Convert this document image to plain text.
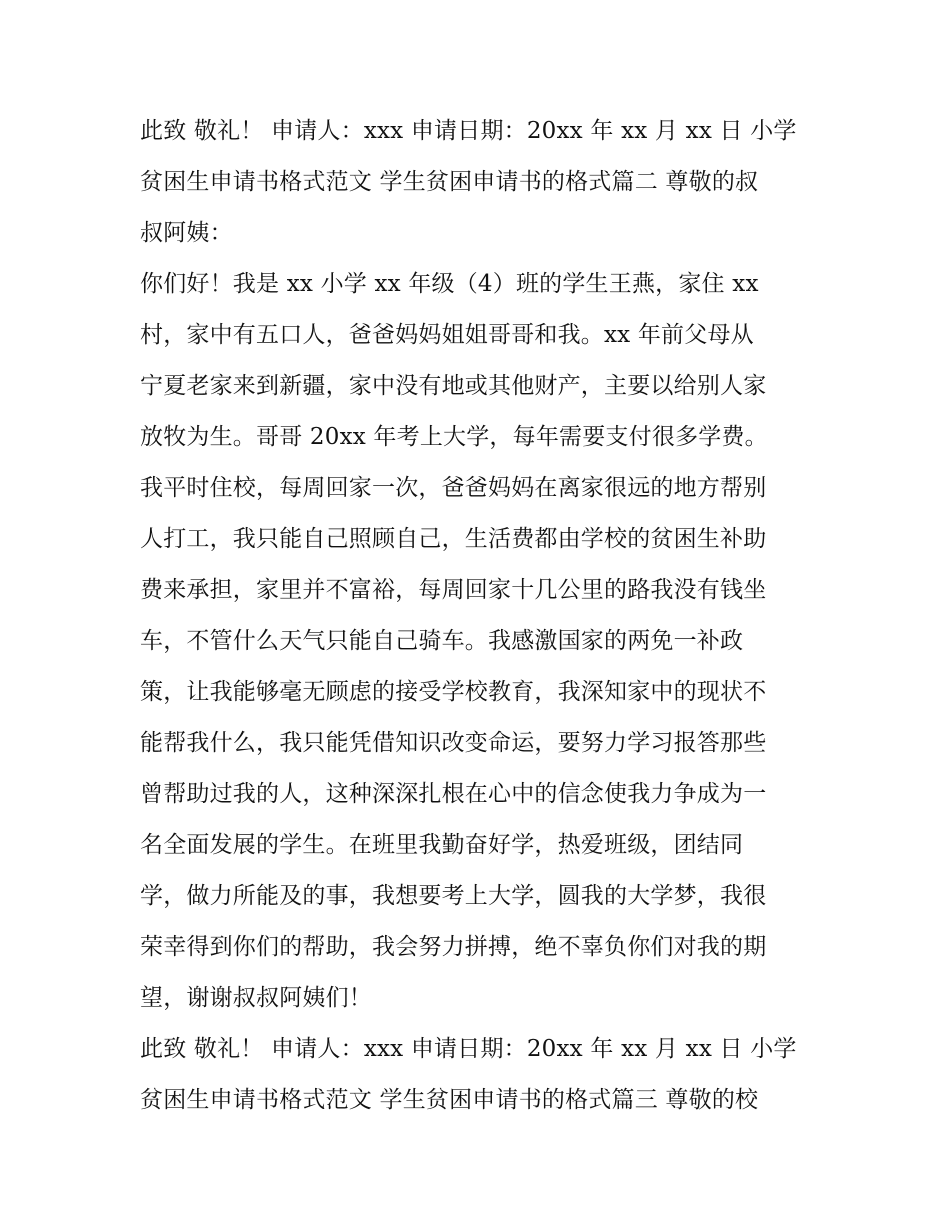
此致 敬礼！ 申请人：xxx 申请日期：20xx 年 xx 月 xx 日 小学
贫困生申请书格式范文 学生贫困申请书的格式篇二 尊敬的叔
叔阿姨：

你们好！我是 xx 小学 xx 年级（4）班的学生王燕，家住 xx
村，家中有五口人，爸爸妈妈姐姐哥哥和我。xx 年前父母从
宁夏老家来到新疆，家中没有地或其他财产，主要以给别人家
放牧为生。哥哥 20xx 年考上大学，每年需要支付很多学费。
我平时住校，每周回家一次，爸爸妈妈在离家很远的地方帮别
人打工，我只能自己照顾自己，生活费都由学校的贫困生补助
费来承担，家里并不富裕，每周回家十几公里的路我没有钱坐
车，不管什么天气只能自己骑车。我感激国家的两免一补政
策，让我能够毫无顾虑的接受学校教育，我深知家中的现状不
能帮我什么，我只能凭借知识改变命运，要努力学习报答那些
曾帮助过我的人，这种深深扎根在心中的信念使我力争成为一
名全面发展的学生。在班里我勤奋好学，热爱班级，团结同
学，做力所能及的事，我想要考上大学，圆我的大学梦，我很
荣幸得到你们的帮助，我会努力拼搏，绝不辜负你们对我的期
望，谢谢叔叔阿姨们！

此致 敬礼！ 申请人：xxx 申请日期：20xx 年 xx 月 xx 日 小学
贫困生申请书格式范文 学生贫困申请书的格式篇三 尊敬的校
